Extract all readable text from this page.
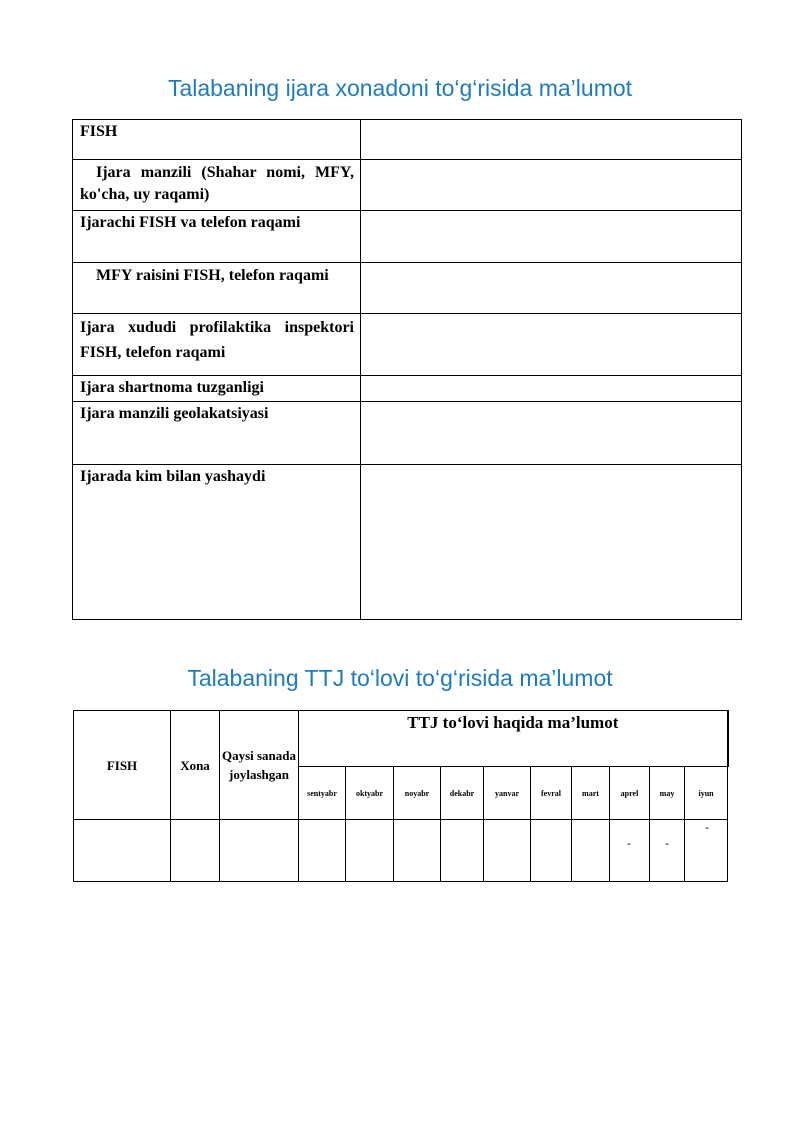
Talabaning ijara xonadoni to‘g‘risida ma’lumot
FISH	
Ijara manzili (Shahar nomi, MFY, ko'cha, uy raqami)	
Ijarachi FISH va telefon raqami	
MFY raisini FISH, telefon raqami	
Ijara xududi profilaktika inspektori FISH, telefon raqami	
Ijara shartnoma tuzganligi	
Ijara manzili geolakatsiyasi	
Ijarada kim bilan yashaydi	
Talabaning TTJ to‘lovi to‘g‘risida ma’lumot
FISH	Xona	Qaysi sanada joylashgan	TTJ to‘lovi haqida ma’lumot									
			sentyabr	oktyabr	noyabr	dekabr	yanvar	fevral	mart	aprel	may	iyun

										-	-	-
